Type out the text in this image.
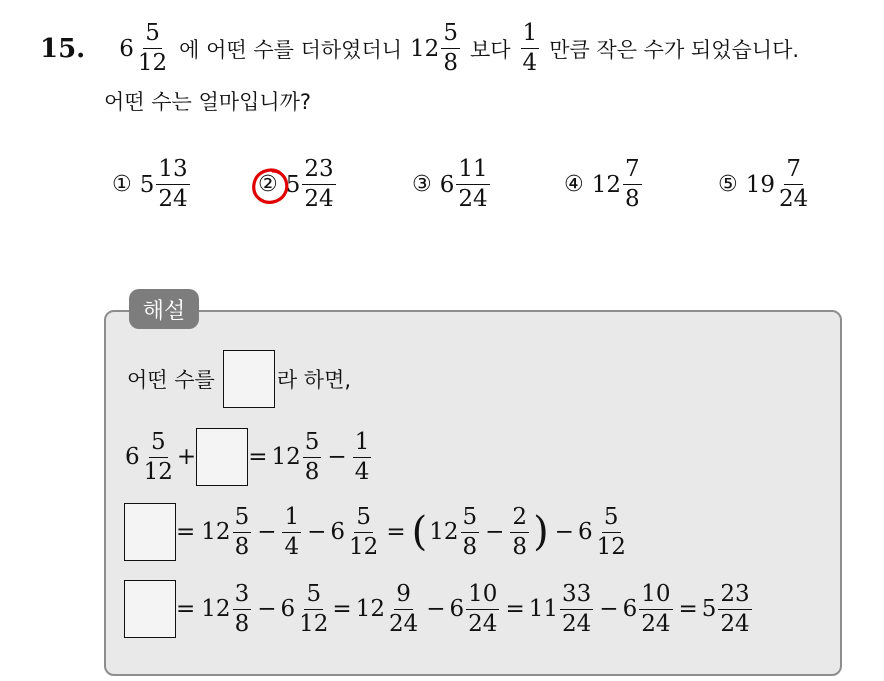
15. $6 \frac{5}{12}$ 에 어떤 수를 더하였더니 $12 \frac{5}{8}$ 보다 $\frac{1}{4}$ 만큼 작은 수가 되었습니다.
어떤 수는 얼마입니까?
① $5 \frac{13}{24}$	② $5 \frac{23}{24}$	③ $6 \frac{11}{24}$	④ $12 \frac{7}{8}$	⑤ $19 \frac{7}{24}$
해설
어떤 수를	라 하면,
$6 \frac{5}{12}$ + = $12 \frac{5}{8} - \frac{1}{4}$
= $12 \frac{5}{8} - \frac{1}{4} - 6 \frac{5}{12}$ = ( $12 \frac{5}{8} - \frac{2}{8}$ ) − $6 \frac{5}{12}$
= $12 \frac{3}{8} - 6 \frac{5}{12} = 12 \frac{9}{24} - 6 \frac{10}{24} = 11 \frac{33}{24} - 6 \frac{10}{24} = 5 \frac{23}{24}$
